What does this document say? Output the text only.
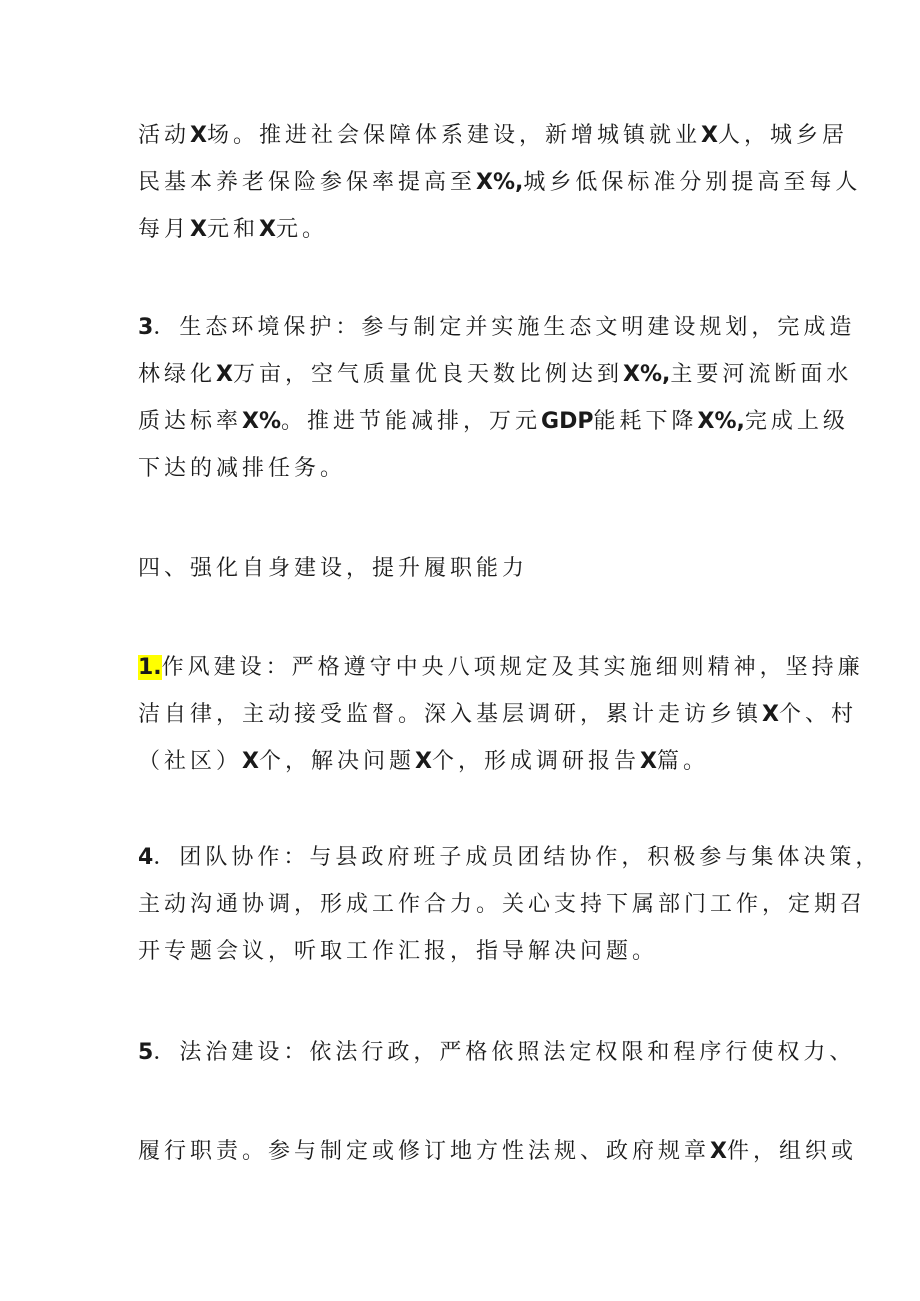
活动X场。推进社会保障体系建设，新增城镇就业X人，城乡居
民基本养老保险参保率提高至X%,城乡低保标准分别提高至每人
每月X元和X元。
3．生态环境保护：参与制定并实施生态文明建设规划，完成造
林绿化X万亩，空气质量优良天数比例达到X%,主要河流断面水
质达标率X%。推进节能减排，万元GDP能耗下降X%,完成上级
下达的减排任务。
四、强化自身建设，提升履职能力
1.作风建设：严格遵守中央八项规定及其实施细则精神，坚持廉
洁自律，主动接受监督。深入基层调研，累计走访乡镇X个、村
（社区）X个，解决问题X个，形成调研报告X篇。
4．团队协作：与县政府班子成员团结协作，积极参与集体决策，
主动沟通协调，形成工作合力。关心支持下属部门工作，定期召
开专题会议，听取工作汇报，指导解决问题。
5．法治建设：依法行政，严格依照法定权限和程序行使权力、
履行职责。参与制定或修订地方性法规、政府规章X件，组织或
